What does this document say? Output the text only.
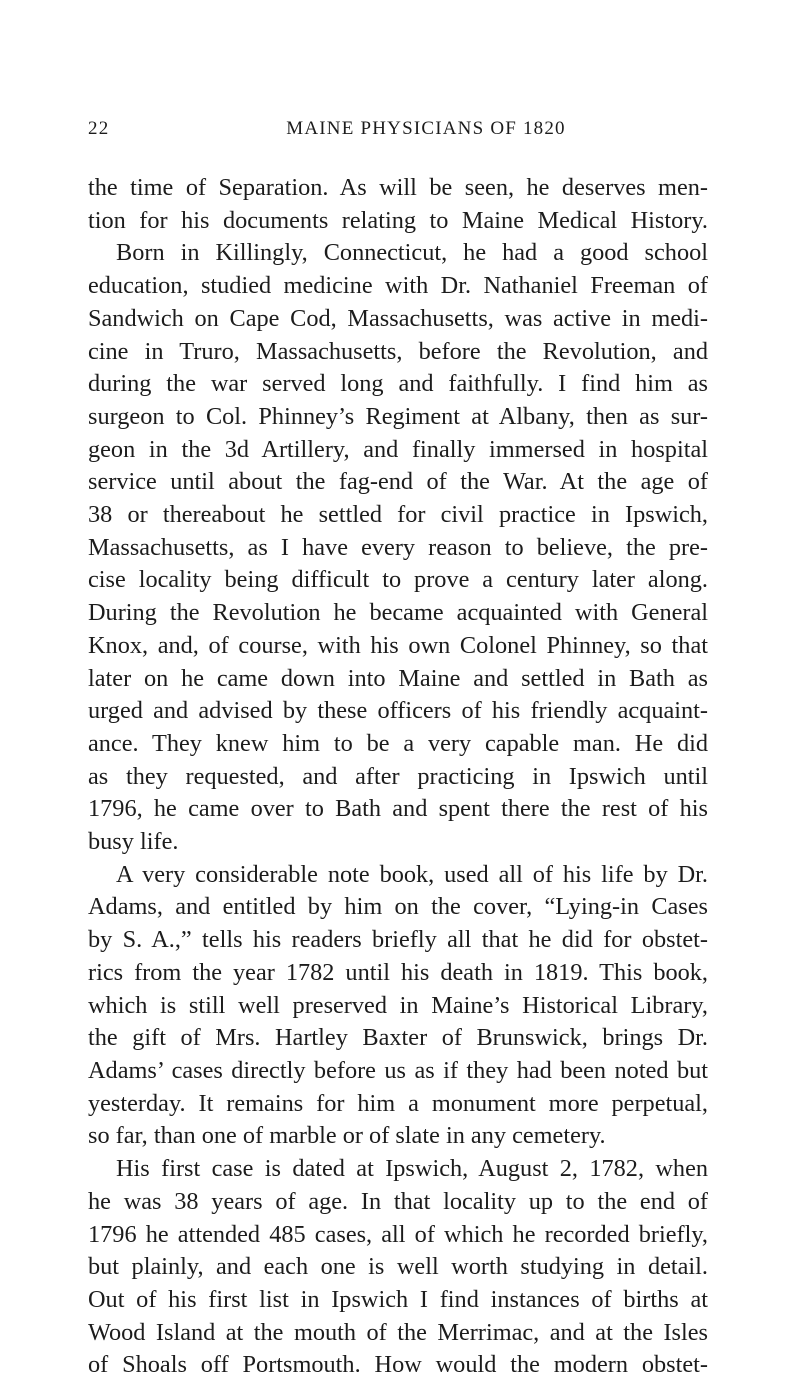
22	MAINE PHYSICIANS OF 1820

the time of Separation. As will be seen, he deserves men-
tion for his documents relating to Maine Medical History.

Born in Killingly, Connecticut, he had a good school
education, studied medicine with Dr. Nathaniel Freeman of
Sandwich on Cape Cod, Massachusetts, was active in medi-
cine in Truro, Massachusetts, before the Revolution, and
during the war served long and faithfully. I find him as
surgeon to Col. Phinney’s Regiment at Albany, then as sur-
geon in the 3d Artillery, and finally immersed in hospital
service until about the fag-end of the War. At the age of
38 or thereabout he settled for civil practice in Ipswich,
Massachusetts, as I have every reason to believe, the pre-
cise locality being difficult to prove a century later along.
During the Revolution he became acquainted with General
Knox, and, of course, with his own Colonel Phinney, so that
later on he came down into Maine and settled in Bath as
urged and advised by these officers of his friendly acquaint-
ance. They knew him to be a very capable man. He did
as they requested, and after practicing in Ipswich until
1796, he came over to Bath and spent there the rest of his
busy life.

A very considerable note book, used all of his life by Dr.
Adams, and entitled by him on the cover, “Lying-in Cases
by S. A.,” tells his readers briefly all that he did for obstet-
rics from the year 1782 until his death in 1819. This book,
which is still well preserved in Maine’s Historical Library,
the gift of Mrs. Hartley Baxter of Brunswick, brings Dr.
Adams’ cases directly before us as if they had been noted but
yesterday. It remains for him a monument more perpetual,
so far, than one of marble or of slate in any cemetery.

His first case is dated at Ipswich, August 2, 1782, when
he was 38 years of age. In that locality up to the end of
1796 he attended 485 cases, all of which he recorded briefly,
but plainly, and each one is well worth studying in detail.
Out of his first list in Ipswich I find instances of births at
Wood Island at the mouth of the Merrimac, and at the Isles
of Shoals off Portsmouth. How would the modern obstet-
